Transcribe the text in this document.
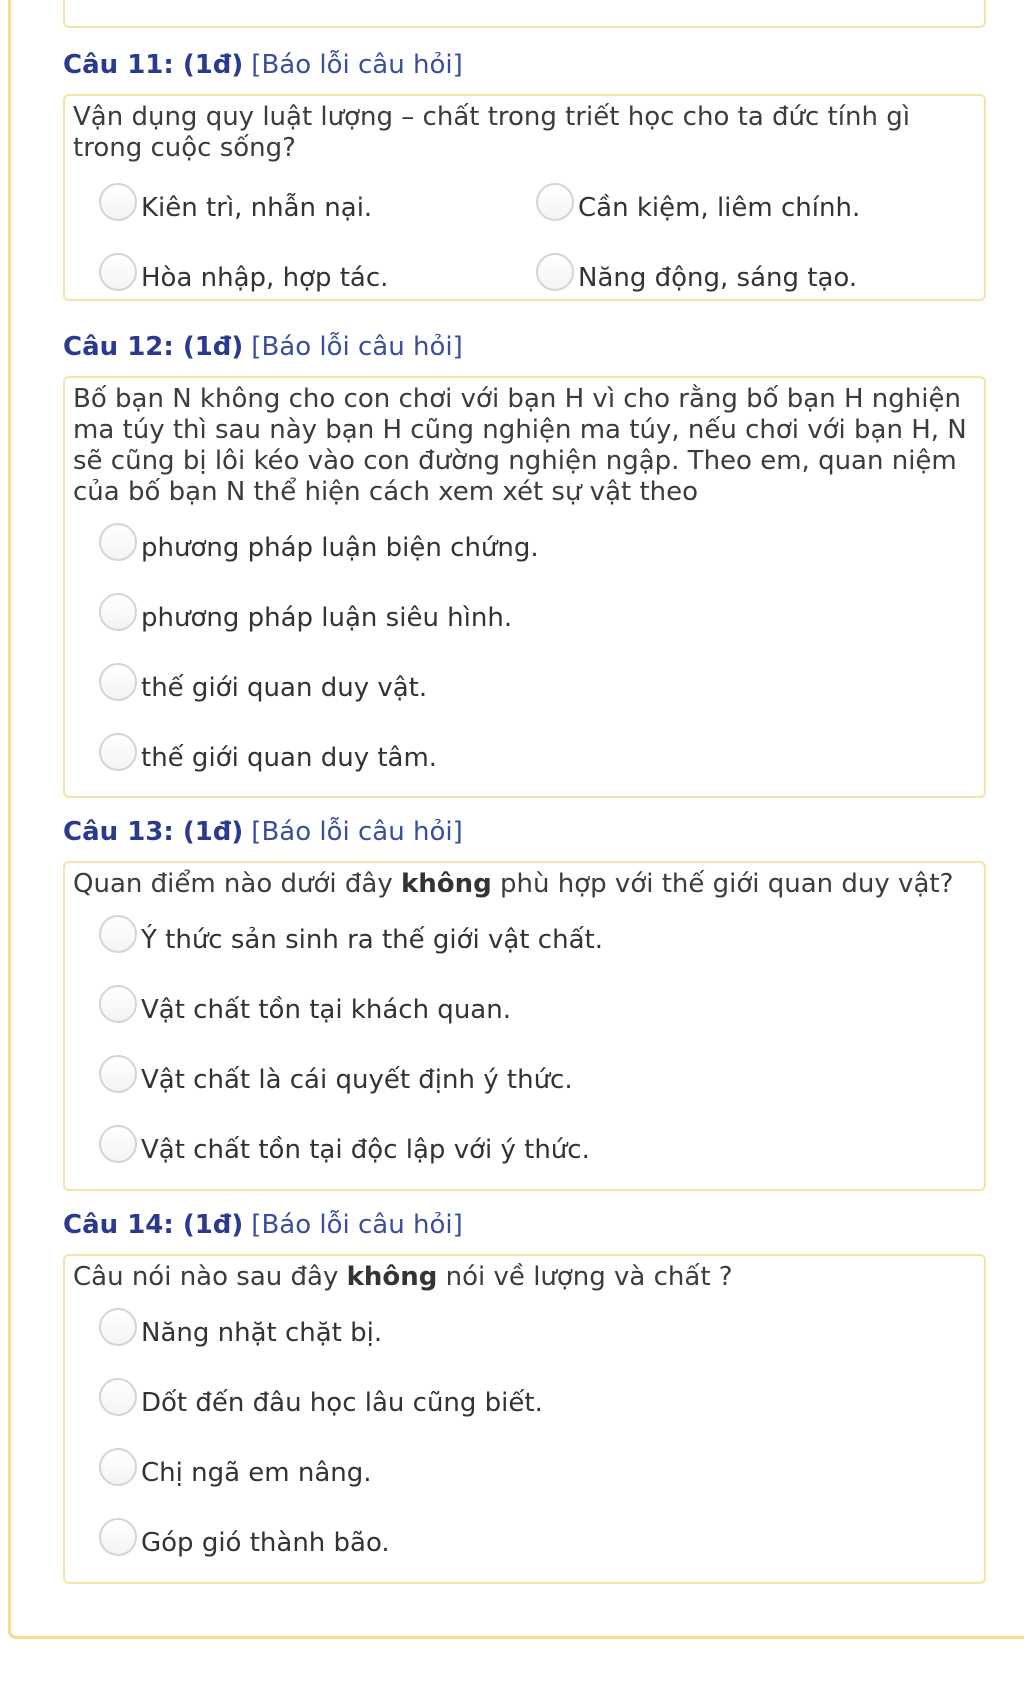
Câu 11: (1đ) [Báo lỗi câu hỏi]
Vận dụng quy luật lượng – chất trong triết học cho ta đức tính gì trong cuộc sống?
Kiên trì, nhẫn nại.	Cần kiệm, liêm chính.
Hòa nhập, hợp tác.	Năng động, sáng tạo.
Câu 12: (1đ) [Báo lỗi câu hỏi]
Bố bạn N không cho con chơi với bạn H vì cho rằng bố bạn H nghiện ma túy thì sau này bạn H cũng nghiện ma túy, nếu chơi với bạn H, N sẽ cũng bị lôi kéo vào con đường nghiện ngập. Theo em, quan niệm của bố bạn N thể hiện cách xem xét sự vật theo
phương pháp luận biện chứng.
phương pháp luận siêu hình.
thế giới quan duy vật.
thế giới quan duy tâm.
Câu 13: (1đ) [Báo lỗi câu hỏi]
Quan điểm nào dưới đây không phù hợp với thế giới quan duy vật?
Ý thức sản sinh ra thế giới vật chất.
Vật chất tồn tại khách quan.
Vật chất là cái quyết định ý thức.
Vật chất tồn tại độc lập với ý thức.
Câu 14: (1đ) [Báo lỗi câu hỏi]
Câu nói nào sau đây không nói về lượng và chất ?
Năng nhặt chặt bị.
Dốt đến đâu học lâu cũng biết.
Chị ngã em nâng.
Góp gió thành bão.
